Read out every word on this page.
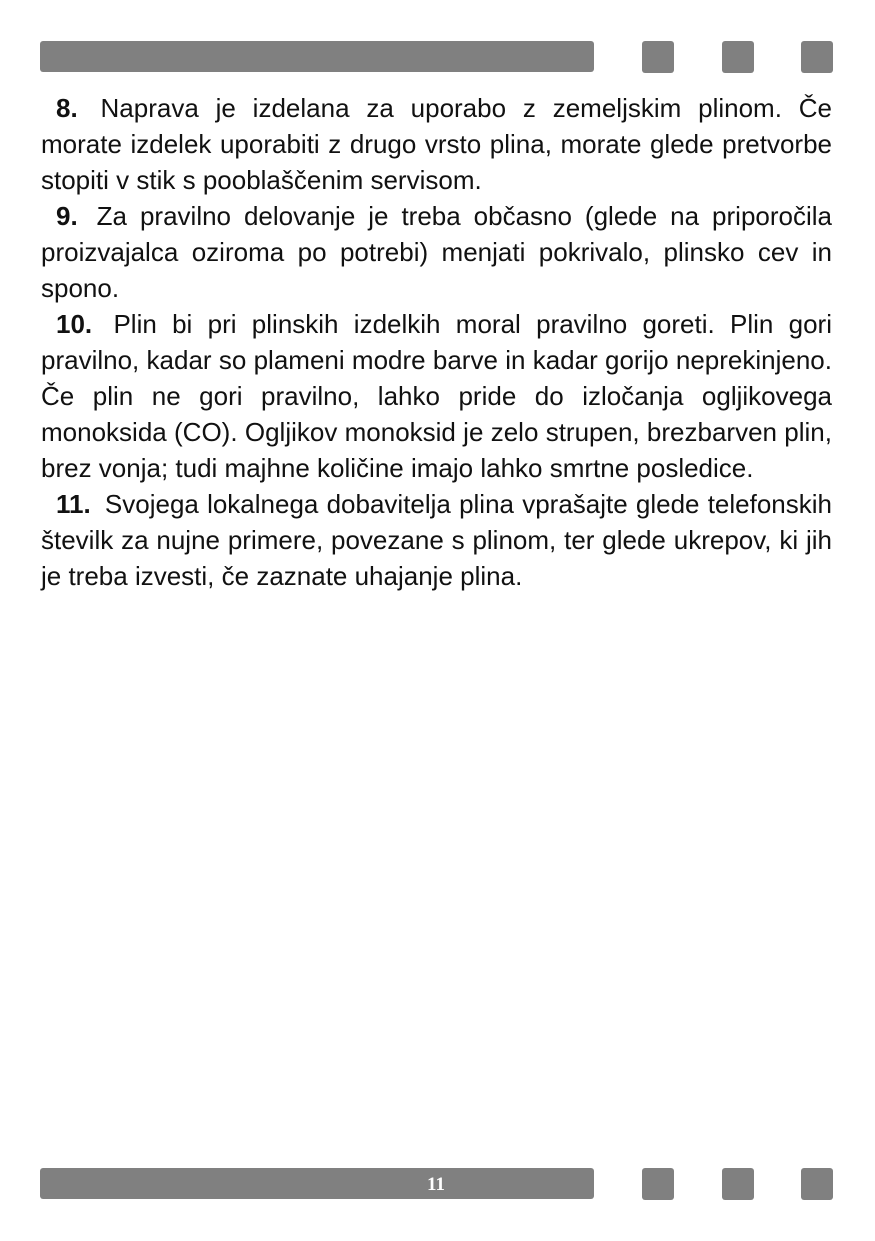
8. Naprava je izdelana za uporabo z zemeljskim plinom. Če morate izdelek uporabiti z drugo vrsto plina, morate glede pretvorbe stopiti v stik s pooblaščenim servisom.

9. Za pravilno delovanje je treba občasno (glede na priporočila proizvajalca oziroma po potrebi) menjati pokrivalo, plinsko cev in spono.

10. Plin bi pri plinskih izdelkih moral pravilno goreti. Plin gori pravilno, kadar so plameni modre barve in kadar gorijo neprekinjeno. Če plin ne gori pravilno, lahko pride do izločanja ogljikovega monoksida (CO). Ogljikov monoksid je zelo strupen, brezbarven plin, brez vonja; tudi majhne količine imajo lahko smrtne posledice.

11. Svojega lokalnega dobavitelja plina vprašajte glede telefonskih številk za nujne primere, povezane s plinom, ter glede ukrepov, ki jih je treba izvesti, če zaznate uhajanje plina.

11
